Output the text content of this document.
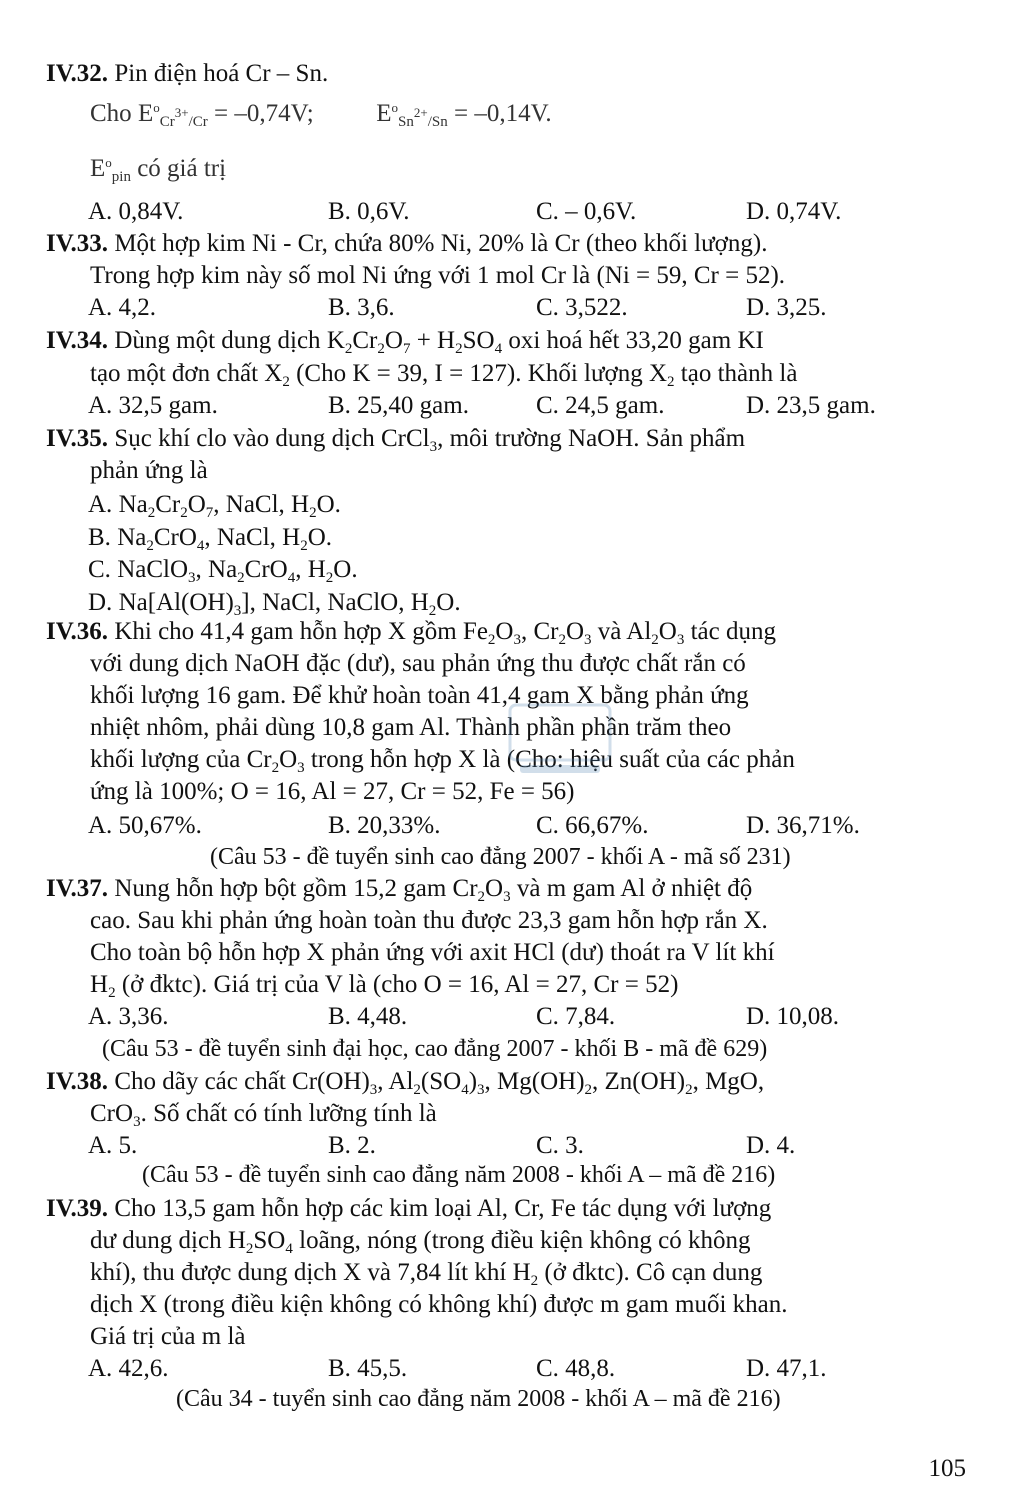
IV.32. Pin điện hoá Cr – Sn.
Cho $E^o_{Cr^{3+}/Cr} = -0,74V$;  $E^o_{Sn^{2+}/Sn} = -0,14V$.
$E^o_{pin}$ có giá trị
A. 0,84V.	B. 0,6V.	C. – 0,6V.	D. 0,74V.
IV.33. Một hợp kim Ni - Cr, chứa 80% Ni, 20% là Cr (theo khối lượng).
Trong hợp kim này số mol Ni ứng với 1 mol Cr là (Ni = 59, Cr = 52).
A. 4,2.	B. 3,6.	C. 3,522.	D. 3,25.
IV.34. Dùng một dung dịch $K_2Cr_2O_7 + H_2SO_4$ oxi hoá hết 33,20 gam KI
tạo một đơn chất $X_2$ (Cho K = 39, I = 127). Khối lượng $X_2$ tạo thành là
A. 32,5 gam.	B. 25,40 gam.	C. 24,5 gam.	D. 23,5 gam.
IV.35. Sục khí clo vào dung dịch CrCl$_3$, môi trường NaOH. Sản phẩm
phản ứng là
A. $Na_2Cr_2O_7$, NaCl, $H_2O$.
B. $Na_2CrO_4$, NaCl, $H_2O$.
C. NaClO$_3$, $Na_2CrO_4$, $H_2O$.
D. $Na[Al(OH)_3]$, NaCl, NaClO, $H_2O$.
IV.36. Khi cho 41,4 gam hỗn hợp X gồm $Fe_2O_3$, $Cr_2O_3$ và $Al_2O_3$ tác dụng
với dung dịch NaOH đặc (dư), sau phản ứng thu được chất rắn có
khối lượng 16 gam. Để khử hoàn toàn 41,4 gam X bằng phản ứng
nhiệt nhôm, phải dùng 10,8 gam Al. Thành phần phần trăm theo
khối lượng của $Cr_2O_3$ trong hỗn hợp X là (Cho: hiệu suất của các phản
ứng là 100%; O = 16, Al = 27, Cr = 52, Fe = 56)
A. 50,67%.	B. 20,33%.	C. 66,67%.	D. 36,71%.
(Câu 53 - đề tuyển sinh cao đẳng 2007 - khối A - mã số 231)
IV.37. Nung hỗn hợp bột gồm 15,2 gam $Cr_2O_3$ và m gam Al ở nhiệt độ
cao. Sau khi phản ứng hoàn toàn thu được 23,3 gam hỗn hợp rắn X.
Cho toàn bộ hỗn hợp X phản ứng với axit HCl (dư) thoát ra V lít khí
$H_2$ (ở đktc). Giá trị của V là (cho O = 16, Al = 27, Cr = 52)
A. 3,36.	B. 4,48.	C. 7,84.	D. 10,08.
(Câu 53 - đề tuyển sinh đại học, cao đẳng 2007 - khối B - mã đề 629)
IV.38. Cho dãy các chất $Cr(OH)_3$, $Al_2(SO_4)_3$, $Mg(OH)_2$, $Zn(OH)_2$, MgO,
CrO$_3$. Số chất có tính lưỡng tính là
A. 5.	B. 2.	C. 3.	D. 4.
(Câu 53 - đề tuyển sinh cao đẳng năm 2008 - khối A – mã đề 216)
IV.39. Cho 13,5 gam hỗn hợp các kim loại Al, Cr, Fe tác dụng với lượng
dư dung dịch $H_2SO_4$ loãng, nóng (trong điều kiện không có không
khí), thu được dung dịch X và 7,84 lít khí $H_2$ (ở đktc). Cô cạn dung
dịch X (trong điều kiện không có không khí) được m gam muối khan.
Giá trị của m là
A. 42,6.	B. 45,5.	C. 48,8.	D. 47,1.
(Câu 34 - tuyển sinh cao đẳng năm 2008 - khối A – mã đề 216)
105
